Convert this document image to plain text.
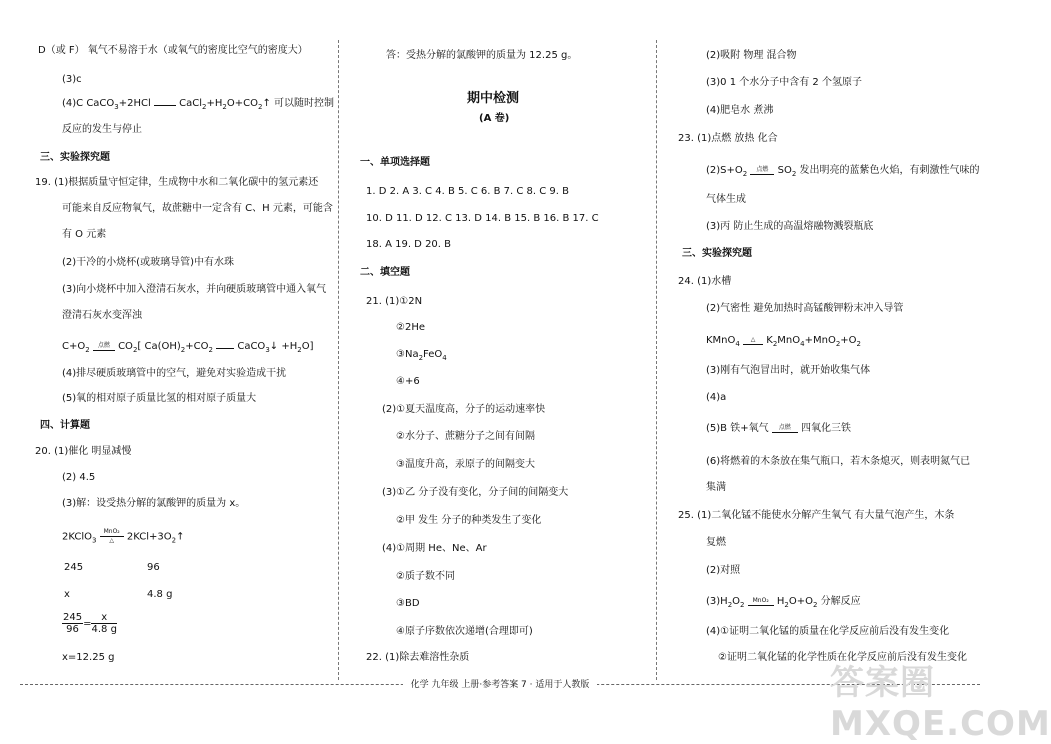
D（或 F） 氧气不易溶于水（或氧气的密度比空气的密度大）
(3)c
(4)C CaCO$_3$+2HCl	$CaCl_2+H_2O+CO_2↑$ 可以随时控制
反应的发生与停止
三、实验探究题
19. (1)根据质量守恒定律，生成物中水和二氧化碳中的氢元素还
可能来自反应物氧气，故蔗糖中一定含有 C、H 元素，可能含
有 O 元素
(2)干冷的小烧杯(或玻璃导管)中有水珠
(3)向小烧杯中加入澄清石灰水，并向硬质玻璃管中通入氧气
澄清石灰水变浑浊
$C+O_2$
点燃 $CO_2$[ $Ca(OH)_2+CO_2$ CaCO$_3$↓ $+H_2O$]
(4)排尽硬质玻璃管中的空气，避免对实验造成干扰
(5)氧的相对原子质量比氢的相对原子质量大
四、计算题
20. (1)催化 明显减慢
(2) 4.5
(3)解：设受热分解的氯酸钾的质量为 x。
2KClO$_3$
MnO₂
△	$2KCl+3O_2↑$
245	96
x	4.8 g
$\frac{245}{96} = \frac{x}{4.8 g}$
x=12.25 g
答：受热分解的氯酸钾的质量为 12.25 g。
期中检测
(A 卷)
一、单项选择题
1. D 2. A 3. C 4. B 5. C 6. B 7. C 8. C 9. B
10. D 11. D 12. C 13. D 14. B 15. B 16. B 17. C
18. A 19. D 20. B
二、填空题
21. (1)①2N
②2He
$③Na_2FeO_4$
④+6
(2)①夏天温度高，分子的运动速率快
②水分子、蔗糖分子之间有间隔
③温度升高，汞原子的间隔变大
(3)①乙 分子没有变化，分子间的间隔变大
②甲 发生 分子的种类发生了变化
(4)①周期 He、Ne、Ar
②质子数不同
③BD
④原子序数依次递增(合理即可)
22. (1)除去难溶性杂质
(2)吸附 物理 混合物
(3)0 1 个水分子中含有 2 个氢原子
(4)肥皂水 煮沸
23. (1)点燃 放热 化合
$(2)S+O_2$
点燃 $SO_2$ 发出明亮的蓝紫色火焰，有刺激性气味的
气体生成
(3)丙 防止生成的高温熔融物溅裂瓶底
三、实验探究题
24. (1)水槽
(2)气密性 避免加热时高锰酸钾粉末冲入导管
KMnO$_4$
△	$K_2MnO_4+MnO_2+O_2$
(3)刚有气泡冒出时，就开始收集气体
(4)a
(5)B 铁+氧气	点燃	四氧化三铁
(6)将燃着的木条放在集气瓶口，若木条熄灭，则表明氮气已
集满
25. (1)二氧化锰不能使水分解产生氧气 有大量气泡产生，木条
复燃
(2)对照
$(3)H_2O_2$
MnO₂ $H_2O+O_2$ 分解反应
(4)①证明二氧化锰的质量在化学反应前后没有发生变化
②证明二氧化锰的化学性质在化学反应前后没有发生变化
化学 九年级 上册·参考答案 7 · 适用于人教版	答案圈 MXQE.COM
